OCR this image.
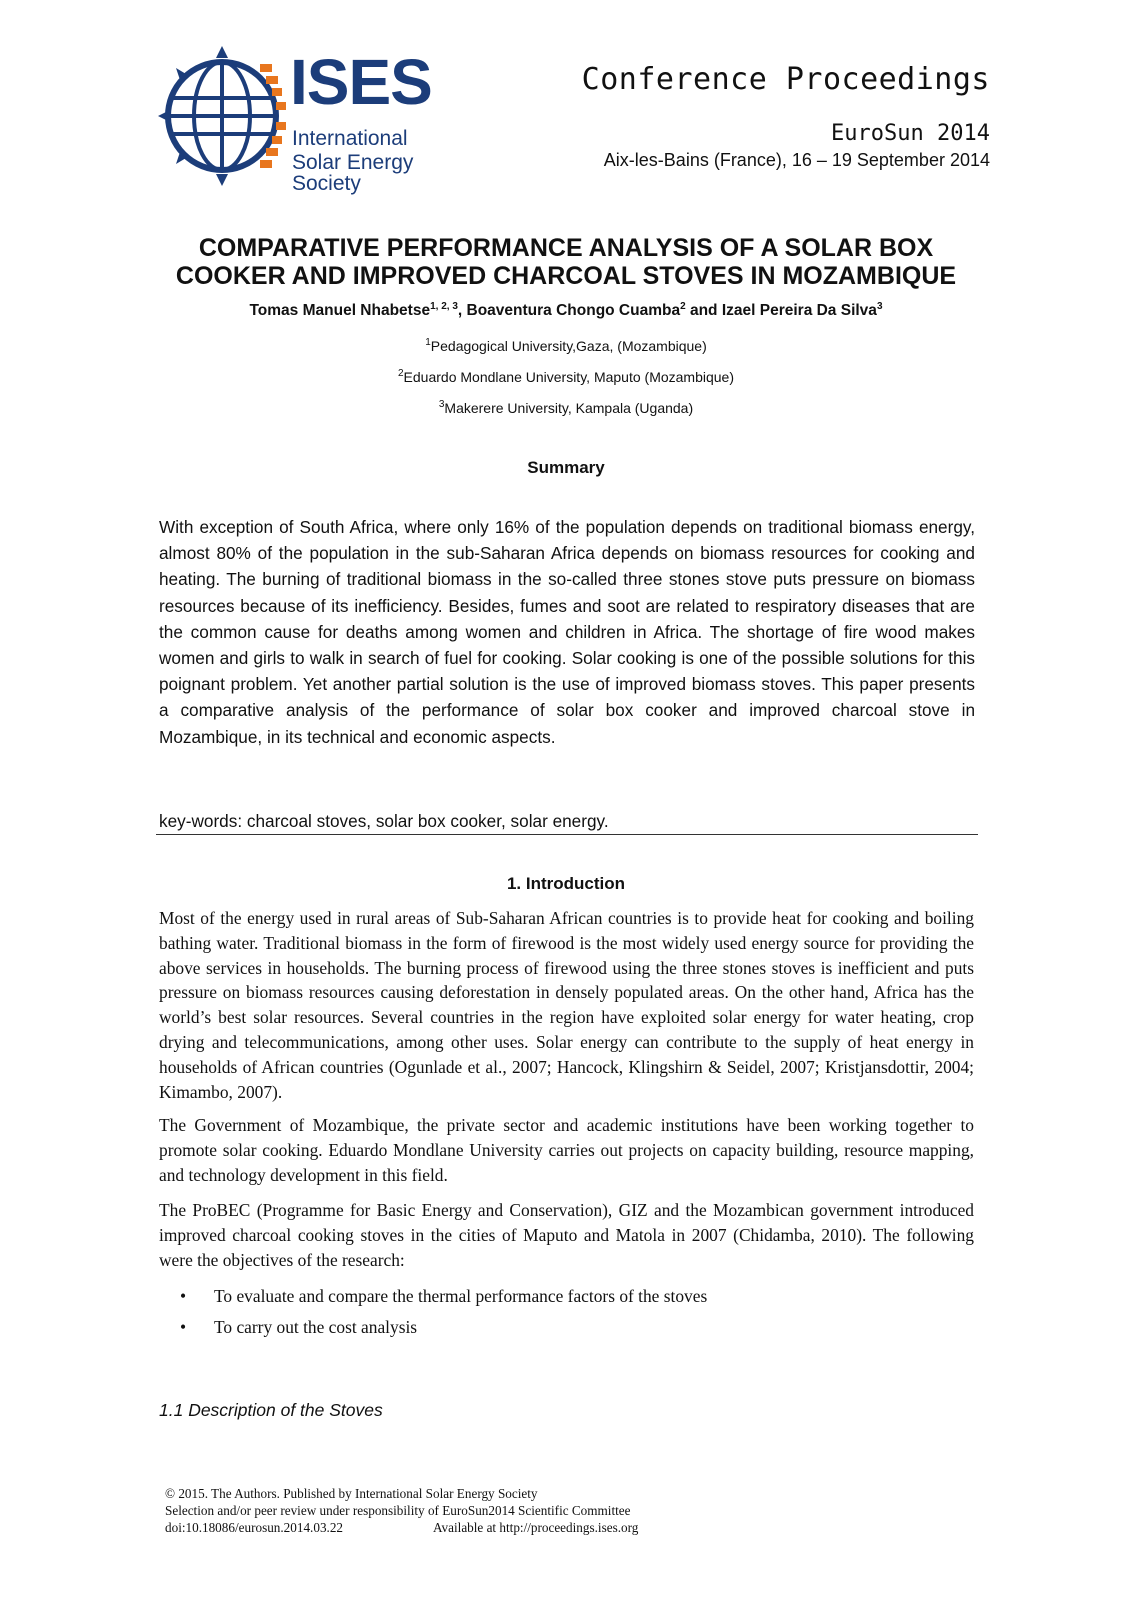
ISES
International
Solar Energy Society
Conference Proceedings
EuroSun 2014
Aix-les-Bains (France), 16 – 19 September 2014
COMPARATIVE PERFORMANCE ANALYSIS OF A SOLAR BOX
COOKER AND IMPROVED CHARCOAL STOVES IN MOZAMBIQUE
Tomas Manuel Nhabetse$^{1, 2, 3}$, Boaventura Chongo Cuamba$^2$ and Izael Pereira Da Silva$^3$
$^1$Pedagogical University,Gaza, (Mozambique)
$^2$Eduardo Mondlane University, Maputo (Mozambique)
$^3$Makerere University, Kampala (Uganda)
Summary
With exception of South Africa, where only 16% of the population depends on traditional biomass energy, almost 80% of the population in the sub-Saharan Africa depends on biomass resources for cooking and heating. The burning of traditional biomass in the so-called three stones stove puts pressure on biomass resources because of its inefficiency. Besides, fumes and soot are related to respiratory diseases that are the common cause for deaths among women and children in Africa. The shortage of fire wood makes women and girls to walk in search of fuel for cooking. Solar cooking is one of the possible solutions for this poignant problem. Yet another partial solution is the use of improved biomass stoves. This paper presents a comparative analysis of the performance of solar box cooker and improved charcoal stove in Mozambique, in its technical and economic aspects.
key-words: charcoal stoves, solar box cooker, solar energy.
1. Introduction
Most of the energy used in rural areas of Sub-Saharan African countries is to provide heat for cooking and boiling bathing water. Traditional biomass in the form of firewood is the most widely used energy source for providing the above services in households. The burning process of firewood using the three stones stoves is inefficient and puts pressure on biomass resources causing deforestation in densely populated areas. On the other hand, Africa has the world’s best solar resources. Several countries in the region have exploited solar energy for water heating, crop drying and telecommunications, among other uses. Solar energy can contribute to the supply of heat energy in households of African countries (Ogunlade et al., 2007; Hancock, Klingshirn & Seidel, 2007; Kristjansdottir, 2004; Kimambo, 2007).
The Government of Mozambique, the private sector and academic institutions have been working together to promote solar cooking. Eduardo Mondlane University carries out projects on capacity building, resource mapping, and technology development in this field.
The ProBEC (Programme for Basic Energy and Conservation), GIZ and the Mozambican government introduced improved charcoal cooking stoves in the cities of Maputo and Matola in 2007 (Chidamba, 2010). The following were the objectives of the research:
• To evaluate and compare the thermal performance factors of the stoves
• To carry out the cost analysis
1.1 Description of the Stoves
© 2015. The Authors. Published by International Solar Energy Society
Selection and/or peer review under responsibility of EuroSun2014 Scientific Committee
doi:10.18086/eurosun.2014.03.22	Available at http://proceedings.ises.org
